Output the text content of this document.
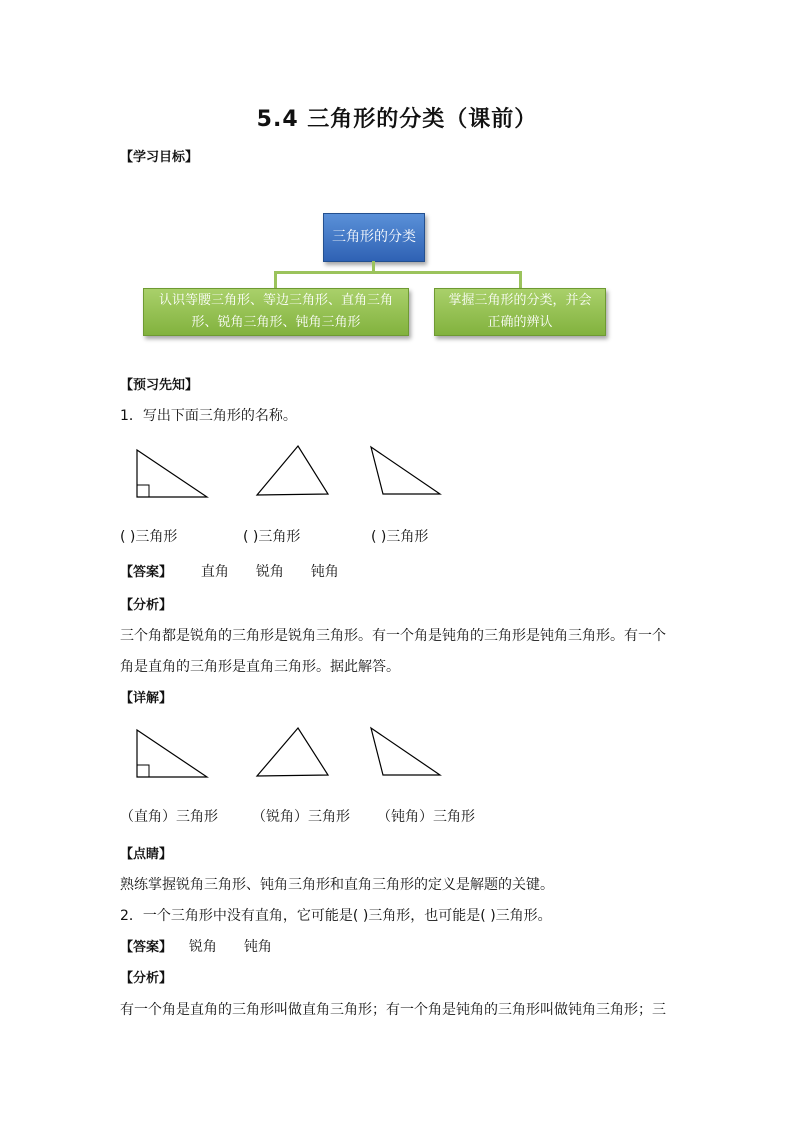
5.4 三角形的分类（课前）
【学习目标】
三角形的分类
认识等腰三角形、等边三角形、直角三角
形、锐角三角形、钝角三角形
掌握三角形的分类，并会
正确的辨认
【预习先知】
1．写出下面三角形的名称。
( )三角形	( )三角形	( )三角形
【答案】 直角 锐角 钝角
【分析】
三个角都是锐角的三角形是锐角三角形。有一个角是钝角的三角形是钝角三角形。有一个
角是直角的三角形是直角三角形。据此解答。
【详解】
（直角）三角形 （锐角）三角形 （钝角）三角形
【点睛】
熟练掌握锐角三角形、钝角三角形和直角三角形的定义是解题的关键。
2．一个三角形中没有直角，它可能是( )三角形，也可能是( )三角形。
【答案】 锐角 钝角
【分析】
有一个角是直角的三角形叫做直角三角形；有一个角是钝角的三角形叫做钝角三角形；三
